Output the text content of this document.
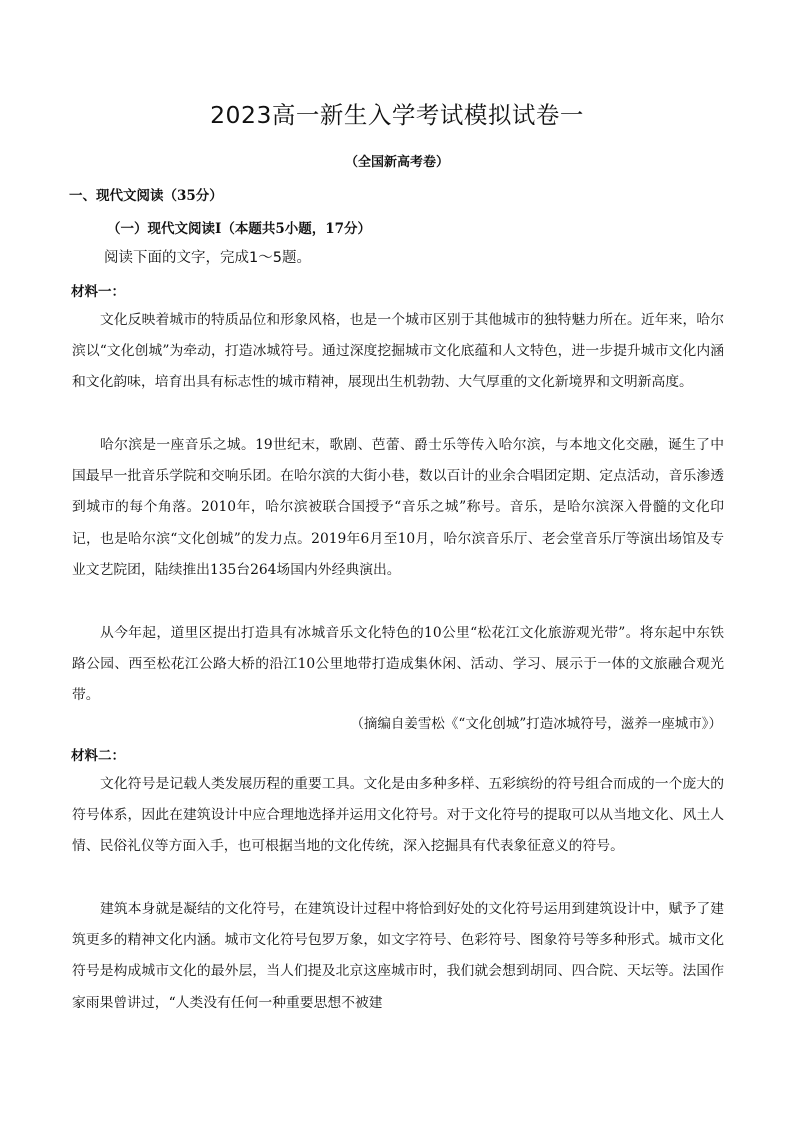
2023高一新生入学考试模拟试卷一
（全国新高考卷）
一、现代文阅读（35分）
（一）现代文阅读Ⅰ（本题共5小题，17分）
阅读下面的文字，完成1～5题。
材料一：

文化反映着城市的特质品位和形象风格，也是一个城市区别于其他城市的独特魅力所在。近年来，哈尔滨以“文化创城”为牵动，打造冰城符号。通过深度挖掘城市文化底蕴和人文特色，进一步提升城市文化内涵和文化韵味，培育出具有标志性的城市精神，展现出生机勃勃、大气厚重的文化新境界和文明新高度。

哈尔滨是一座音乐之城。19世纪末，歌剧、芭蕾、爵士乐等传入哈尔滨，与本地文化交融，诞生了中国最早一批音乐学院和交响乐团。在哈尔滨的大街小巷，数以百计的业余合唱团定期、定点活动，音乐渗透到城市的每个角落。2010年，哈尔滨被联合国授予“音乐之城”称号。音乐，是哈尔滨深入骨髓的文化印记，也是哈尔滨“文化创城”的发力点。2019年6月至10月，哈尔滨音乐厅、老会堂音乐厅等演出场馆及专业文艺院团，陆续推出135台264场国内外经典演出。

从今年起，道里区提出打造具有冰城音乐文化特色的10公里“松花江文化旅游观光带”。将东起中东铁路公园、西至松花江公路大桥的沿江10公里地带打造成集休闲、活动、学习、展示于一体的文旅融合观光带。

（摘编自姜雪松《“文化创城”打造冰城符号，滋养一座城市》）
材料二：

文化符号是记载人类发展历程的重要工具。文化是由多种多样、五彩缤纷的符号组合而成的一个庞大的符号体系，因此在建筑设计中应合理地选择并运用文化符号。对于文化符号的提取可以从当地文化、风土人情、民俗礼仪等方面入手，也可根据当地的文化传统，深入挖掘具有代表象征意义的符号。

建筑本身就是凝结的文化符号，在建筑设计过程中将恰到好处的文化符号运用到建筑设计中，赋予了建筑更多的精神文化内涵。城市文化符号包罗万象，如文字符号、色彩符号、图象符号等多种形式。城市文化符号是构成城市文化的最外层，当人们提及北京这座城市时，我们就会想到胡同、四合院、天坛等。法国作家雨果曾讲过，“人类没有任何一种重要思想不被建
